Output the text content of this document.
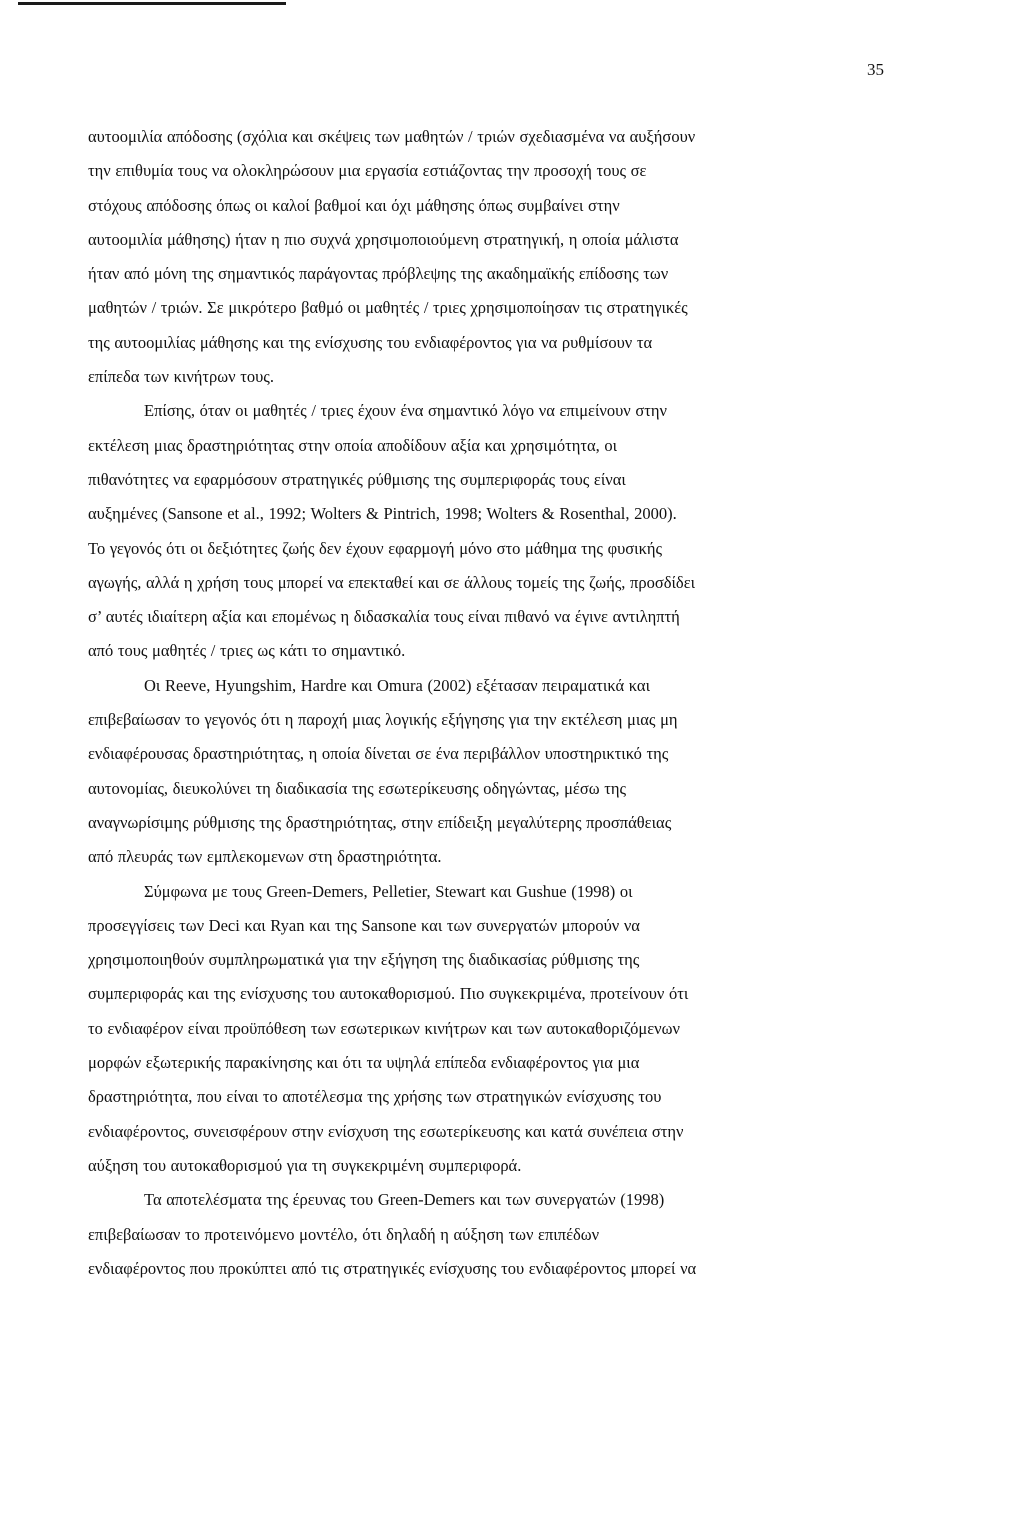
35

αυτοομιλία απόδοσης (σχόλια και σκέψεις των μαθητών / τριών σχεδιασμένα να αυξήσουν
την επιθυμία τους να ολοκληρώσουν μια εργασία εστιάζοντας την προσοχή τους σε
στόχους απόδοσης όπως οι καλοί βαθμοί και όχι μάθησης όπως συμβαίνει στην
αυτοομιλία μάθησης) ήταν η πιο συχνά χρησιμοποιούμενη στρατηγική, η οποία μάλιστα
ήταν από μόνη της σημαντικός παράγοντας πρόβλεψης της ακαδημαϊκής επίδοσης των
μαθητών / τριών. Σε μικρότερο βαθμό οι μαθητές / τριες χρησιμοποίησαν τις στρατηγικές
της αυτοομιλίας μάθησης και της ενίσχυσης του ενδιαφέροντος για να ρυθμίσουν τα
επίπεδα των κινήτρων τους.

Επίσης, όταν οι μαθητές / τριες έχουν ένα σημαντικό λόγο να επιμείνουν στην
εκτέλεση μιας δραστηριότητας στην οποία αποδίδουν αξία και χρησιμότητα, οι
πιθανότητες να εφαρμόσουν στρατηγικές ρύθμισης της συμπεριφοράς τους είναι
αυξημένες (Sansone et al., 1992; Wolters & Pintrich, 1998; Wolters & Rosenthal, 2000).
Το γεγονός ότι οι δεξιότητες ζωής δεν έχουν εφαρμογή μόνο στο μάθημα της φυσικής
αγωγής, αλλά η χρήση τους μπορεί να επεκταθεί και σε άλλους τομείς της ζωής, προσδίδει
σ’ αυτές ιδιαίτερη αξία και επομένως η διδασκαλία τους είναι πιθανό να έγινε αντιληπτή
από τους μαθητές / τριες ως κάτι το σημαντικό.

Οι Reeve, Hyungshim, Hardre και Omura (2002) εξέτασαν πειραματικά και
επιβεβαίωσαν το γεγονός ότι η παροχή μιας λογικής εξήγησης για την εκτέλεση μιας μη
ενδιαφέρουσας δραστηριότητας, η οποία δίνεται σε ένα περιβάλλον υποστηρικτικό της
αυτονομίας, διευκολύνει τη διαδικασία της εσωτερίκευσης οδηγώντας, μέσω της
αναγνωρίσιμης ρύθμισης της δραστηριότητας, στην επίδειξη μεγαλύτερης προσπάθειας
από πλευράς των εμπλεκομενων στη δραστηριότητα.

Σύμφωνα με τους Green-Demers, Pelletier, Stewart και Gushue (1998) οι
προσεγγίσεις των Deci και Ryan και της Sansone και των συνεργατών μπορούν να
χρησιμοποιηθούν συμπληρωματικά για την εξήγηση της διαδικασίας ρύθμισης της
συμπεριφοράς και της ενίσχυσης του αυτοκαθορισμού. Πιο συγκεκριμένα, προτείνουν ότι
το ενδιαφέρον είναι προϋπόθεση των εσωτερικων κινήτρων και των αυτοκαθοριζόμενων
μορφών εξωτερικής παρακίνησης και ότι τα υψηλά επίπεδα ενδιαφέροντος για μια
δραστηριότητα, που είναι το αποτέλεσμα της χρήσης των στρατηγικών ενίσχυσης του
ενδιαφέροντος, συνεισφέρουν στην ενίσχυση της εσωτερίκευσης και κατά συνέπεια στην
αύξηση του αυτοκαθορισμού για τη συγκεκριμένη συμπεριφορά.

Τα αποτελέσματα της έρευνας του Green-Demers και των συνεργατών (1998)
επιβεβαίωσαν το προτεινόμενο μοντέλο, ότι δηλαδή η αύξηση των επιπέδων
ενδιαφέροντος που προκύπτει από τις στρατηγικές ενίσχυσης του ενδιαφέροντος μπορεί να
